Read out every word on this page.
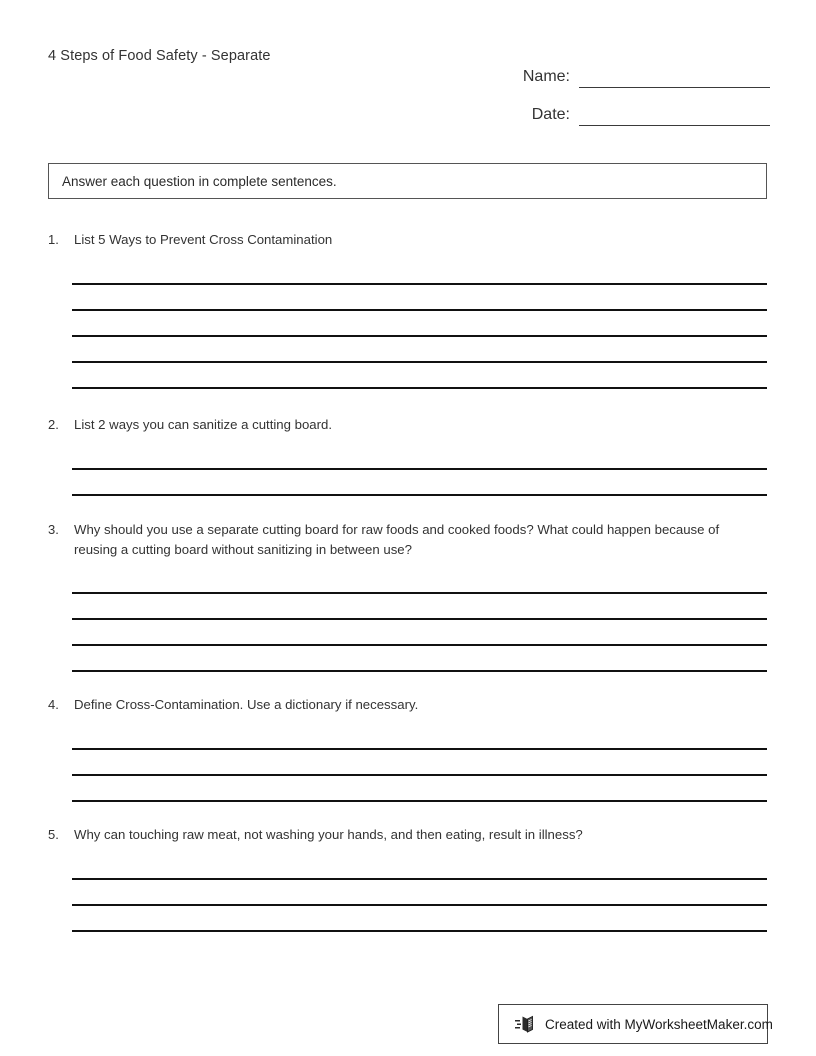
4 Steps of Food Safety - Separate
Name:
Date:
Answer each question in complete sentences.
1.	List 5 Ways to Prevent Cross Contamination
2.	List 2 ways you can sanitize a cutting board.
3.	Why should you use a separate cutting board for raw foods and cooked foods? What could happen because of reusing a cutting board without sanitizing in between use?
4.	Define Cross-Contamination. Use a dictionary if necessary.
5.	Why can touching raw meat, not washing your hands, and then eating, result in illness?
Created with MyWorksheetMaker.com
